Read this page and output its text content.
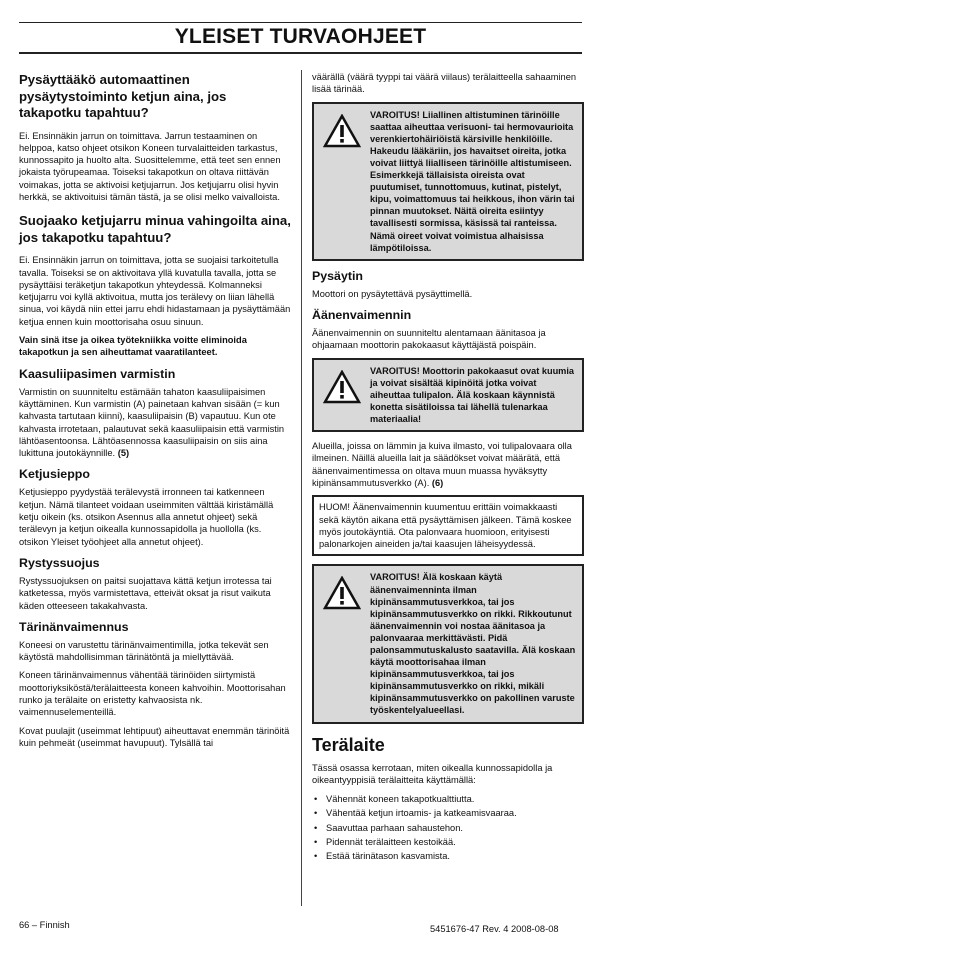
YLEISET TURVAOHJEET
Pysäyttääkö automaattinen pysäytystoiminto ketjun aina, jos takapotku tapahtuu?

Ei. Ensinnäkin jarrun on toimittava. Jarrun testaaminen on helppoa, katso ohjeet otsikon Koneen turvalaitteiden tarkastus, kunnossapito ja huolto alta. Suosittelemme, että teet sen ennen jokaista työrupeamaa. Toiseksi takapotkun on oltava riittävän voimakas, jotta se aktivoisi ketjujarrun. Jos ketjujarru olisi hyvin herkkä, se aktivoituisi tämän tästä, ja se olisi melko vaivalloista.

Suojaako ketjujarru minua vahingoilta aina, jos takapotku tapahtuu?

Ei. Ensinnäkin jarrun on toimittava, jotta se suojaisi tarkoitetulla tavalla. Toiseksi se on aktivoitava yllä kuvatulla tavalla, jotta se pysäyttäisi teräketjun takapotkun yhteydessä. Kolmanneksi ketjujarru voi kyllä aktivoitua, mutta jos terälevy on liian lähellä sinua, voi käydä niin ettei jarru ehdi hidastamaan ja pysäyttämään ketjua ennen kuin moottorisaha osuu sinuun.

Vain sinä itse ja oikea työtekniikka voitte eliminoida takapotkun ja sen aiheuttamat vaaratilanteet.

Kaasuliipasimen varmistin

Varmistin on suunniteltu estämään tahaton kaasuliipaisimen käyttäminen. Kun varmistin (A) painetaan kahvan sisään (= kun kahvasta tartutaan kiinni), kaasuliipaisin (B) vapautuu. Kun ote kahvasta irrotetaan, palautuvat sekä kaasuliipaisin että varmistin lähtöasentoonsa. Lähtöasennossa kaasuliipaisin on siis aina lukittuna joutokäynnille. (5)

Ketjusieppo

Ketjusieppo pyydystää terälevystä irronneen tai katkenneen ketjun. Nämä tilanteet voidaan useimmiten välttää kiristämällä ketju oikein (ks. otsikon Asennus alla annetut ohjeet) sekä terälevyn ja ketjun oikealla kunnossapidolla ja huollolla (ks. otsikon Yleiset työohjeet alla annetut ohjeet).

Rystyssuojus

Rystyssuojuksen on paitsi suojattava kättä ketjun irrotessa tai katketessa, myös varmistettava, etteivät oksat ja risut vaikuta käden otteeseen takakahvasta.

Tärinänvaimennus

Koneesi on varustettu tärinänvaimentimilla, jotka tekevät sen käytöstä mahdollisimman tärinätöntä ja miellyttävää.

Koneen tärinänvaimennus vähentää tärinöiden siirtymistä moottoriyksiköstä/terälaitteesta koneen kahvoihin. Moottorisahan runko ja terälaite on eristetty kahvaosista nk. vaimennuselementeillä.

Kovat puulajit (useimmat lehtipuut) aiheuttavat enemmän tärinöitä kuin pehmeät (useimmat havupuut). Tylsällä tai

väärällä (väärä tyyppi tai väärä viilaus) terälaitteella sahaaminen lisää tärinää.

VAROITUS! Liiallinen altistuminen tärinöille saattaa aiheuttaa verisuoni- tai hermovaurioita verenkiertohäiriöistä kärsiville henkilöille. Hakeudu lääkäriin, jos havaitset oireita, jotka voivat liittyä liialliseen tärinöille altistumiseen. Esimerkkejä tällaisista oireista ovat puutumiset, tunnottomuus, kutinat, pistelyt, kipu, voimattomuus tai heikkous, ihon värin tai pinnan muutokset. Näitä oireita esiintyy tavallisesti sormissa, käsissä tai ranteissa. Nämä oireet voivat voimistua alhaisissa lämpötiloissa.
Pysäytin

Moottori on pysäytettävä pysäyttimellä.

Äänenvaimennin

Äänenvaimennin on suunniteltu alentamaan äänitasoa ja ohjaamaan moottorin pakokaasut käyttäjästä poispäin.

VAROITUS! Moottorin pakokaasut ovat kuumia ja voivat sisältää kipinöitä jotka voivat aiheuttaa tulipalon. Älä koskaan käynnistä konetta sisätiloissa tai lähellä tulenarkaa materiaalia!

Alueilla, joissa on lämmin ja kuiva ilmasto, voi tulipalovaara olla ilmeinen. Näillä alueilla lait ja säädökset voivat määrätä, että äänenvaimentimessa on oltava muun muassa hyväksytty kipinänsammutusverkko (A). (6)

HUOM! Äänenvaimennin kuumentuu erittäin voimakkaasti sekä käytön aikana että pysäyttämisen jälkeen. Tämä koskee myös joutokäyntiä. Ota palonvaara huomioon, erityisesti palonarkojen aineiden ja/tai kaasujen läheisyydessä.
VAROITUS! Älä koskaan käytä äänenvaimenninta ilman kipinänsammutusverkkoa, tai jos kipinänsammutusverkko on rikki. Rikkoutunut äänenvaimennin voi nostaa äänitasoa ja palonvaaraa merkittävästi. Pidä palonsammutuskalusto saatavilla. Älä koskaan käytä moottorisahaa ilman kipinänsammutusverkkoa, tai jos kipinänsammutusverkko on rikki, mikäli kipinänsammutusverkko on pakollinen varuste työskentelyalueellasi.
Terälaite

Tässä osassa kerrotaan, miten oikealla kunnossapidolla ja oikeantyyppisiä terälaitteita käyttämällä:

• Vähennät koneen takapotkualttiutta.
• Vähentää ketjun irtoamis- ja katkeamisvaaraa.
• Saavuttaa parhaan sahaustehon.
• Pidennät terälaitteen kestoikää.
• Estää tärinätason kasvamista.
66 – Finnish	5451676-47 Rev. 4 2008-08-08
